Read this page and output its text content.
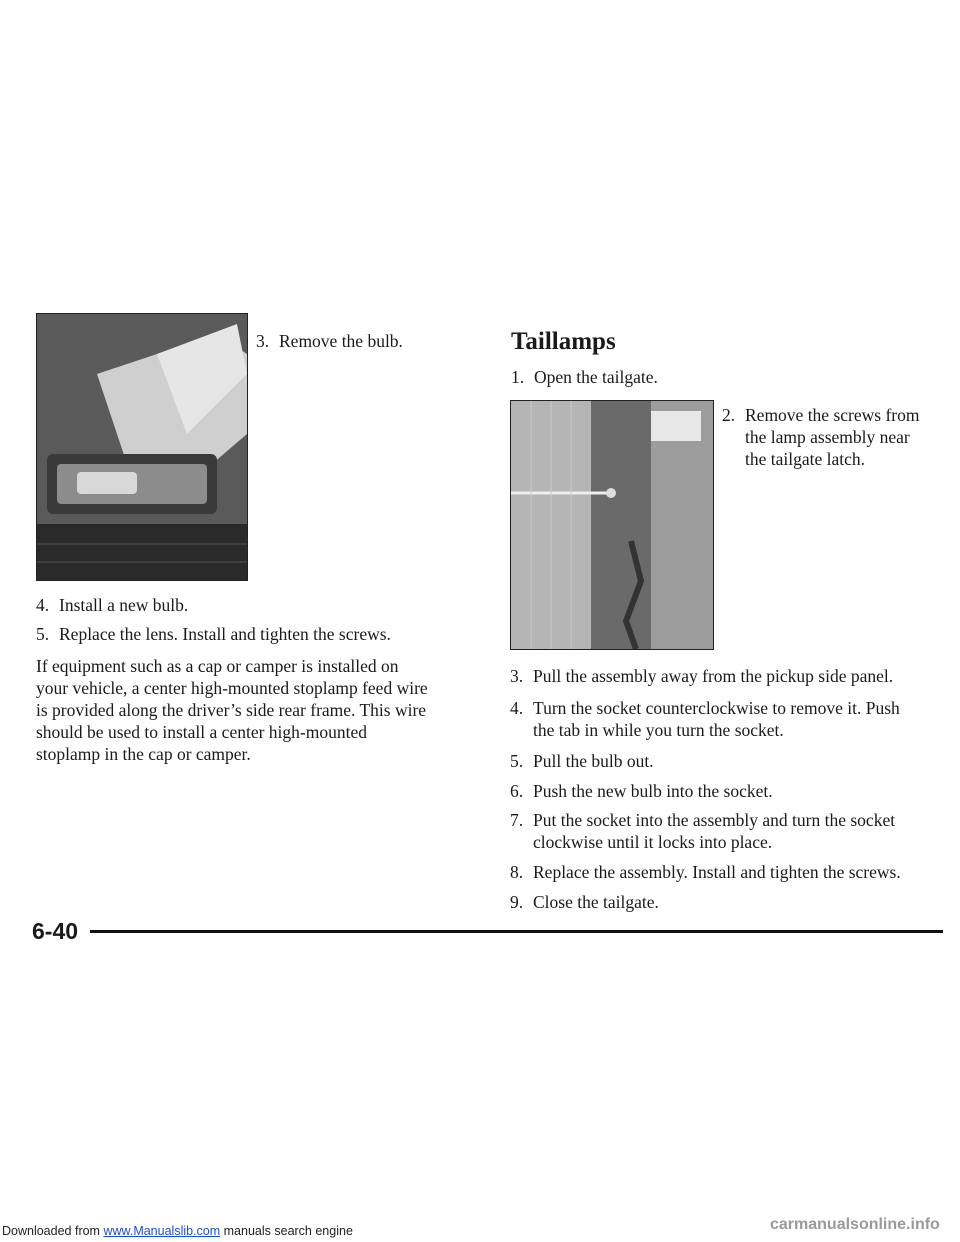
3. Remove the bulb.
4. Install a new bulb.
5. Replace the lens. Install and tighten the screws.
If equipment such as a cap or camper is installed on
your vehicle, a center high-mounted stoplamp feed wire
is provided along the driver’s side rear frame. This wire
should be used to install a center high-mounted
stoplamp in the cap or camper.
Taillamps
1. Open the tailgate.
2. Remove the screws from
the lamp assembly near
the tailgate latch.
3. Pull the assembly away from the pickup side panel.
4. Turn the socket counterclockwise to remove it. Push
the tab in while you turn the socket.
5. Pull the bulb out.
6. Push the new bulb into the socket.
7. Put the socket into the assembly and turn the socket
clockwise until it locks into place.
8. Replace the assembly. Install and tighten the screws.
9. Close the tailgate.
6-40
Downloaded from www.Manualslib.com manuals search engine	carmanualsonline.info
